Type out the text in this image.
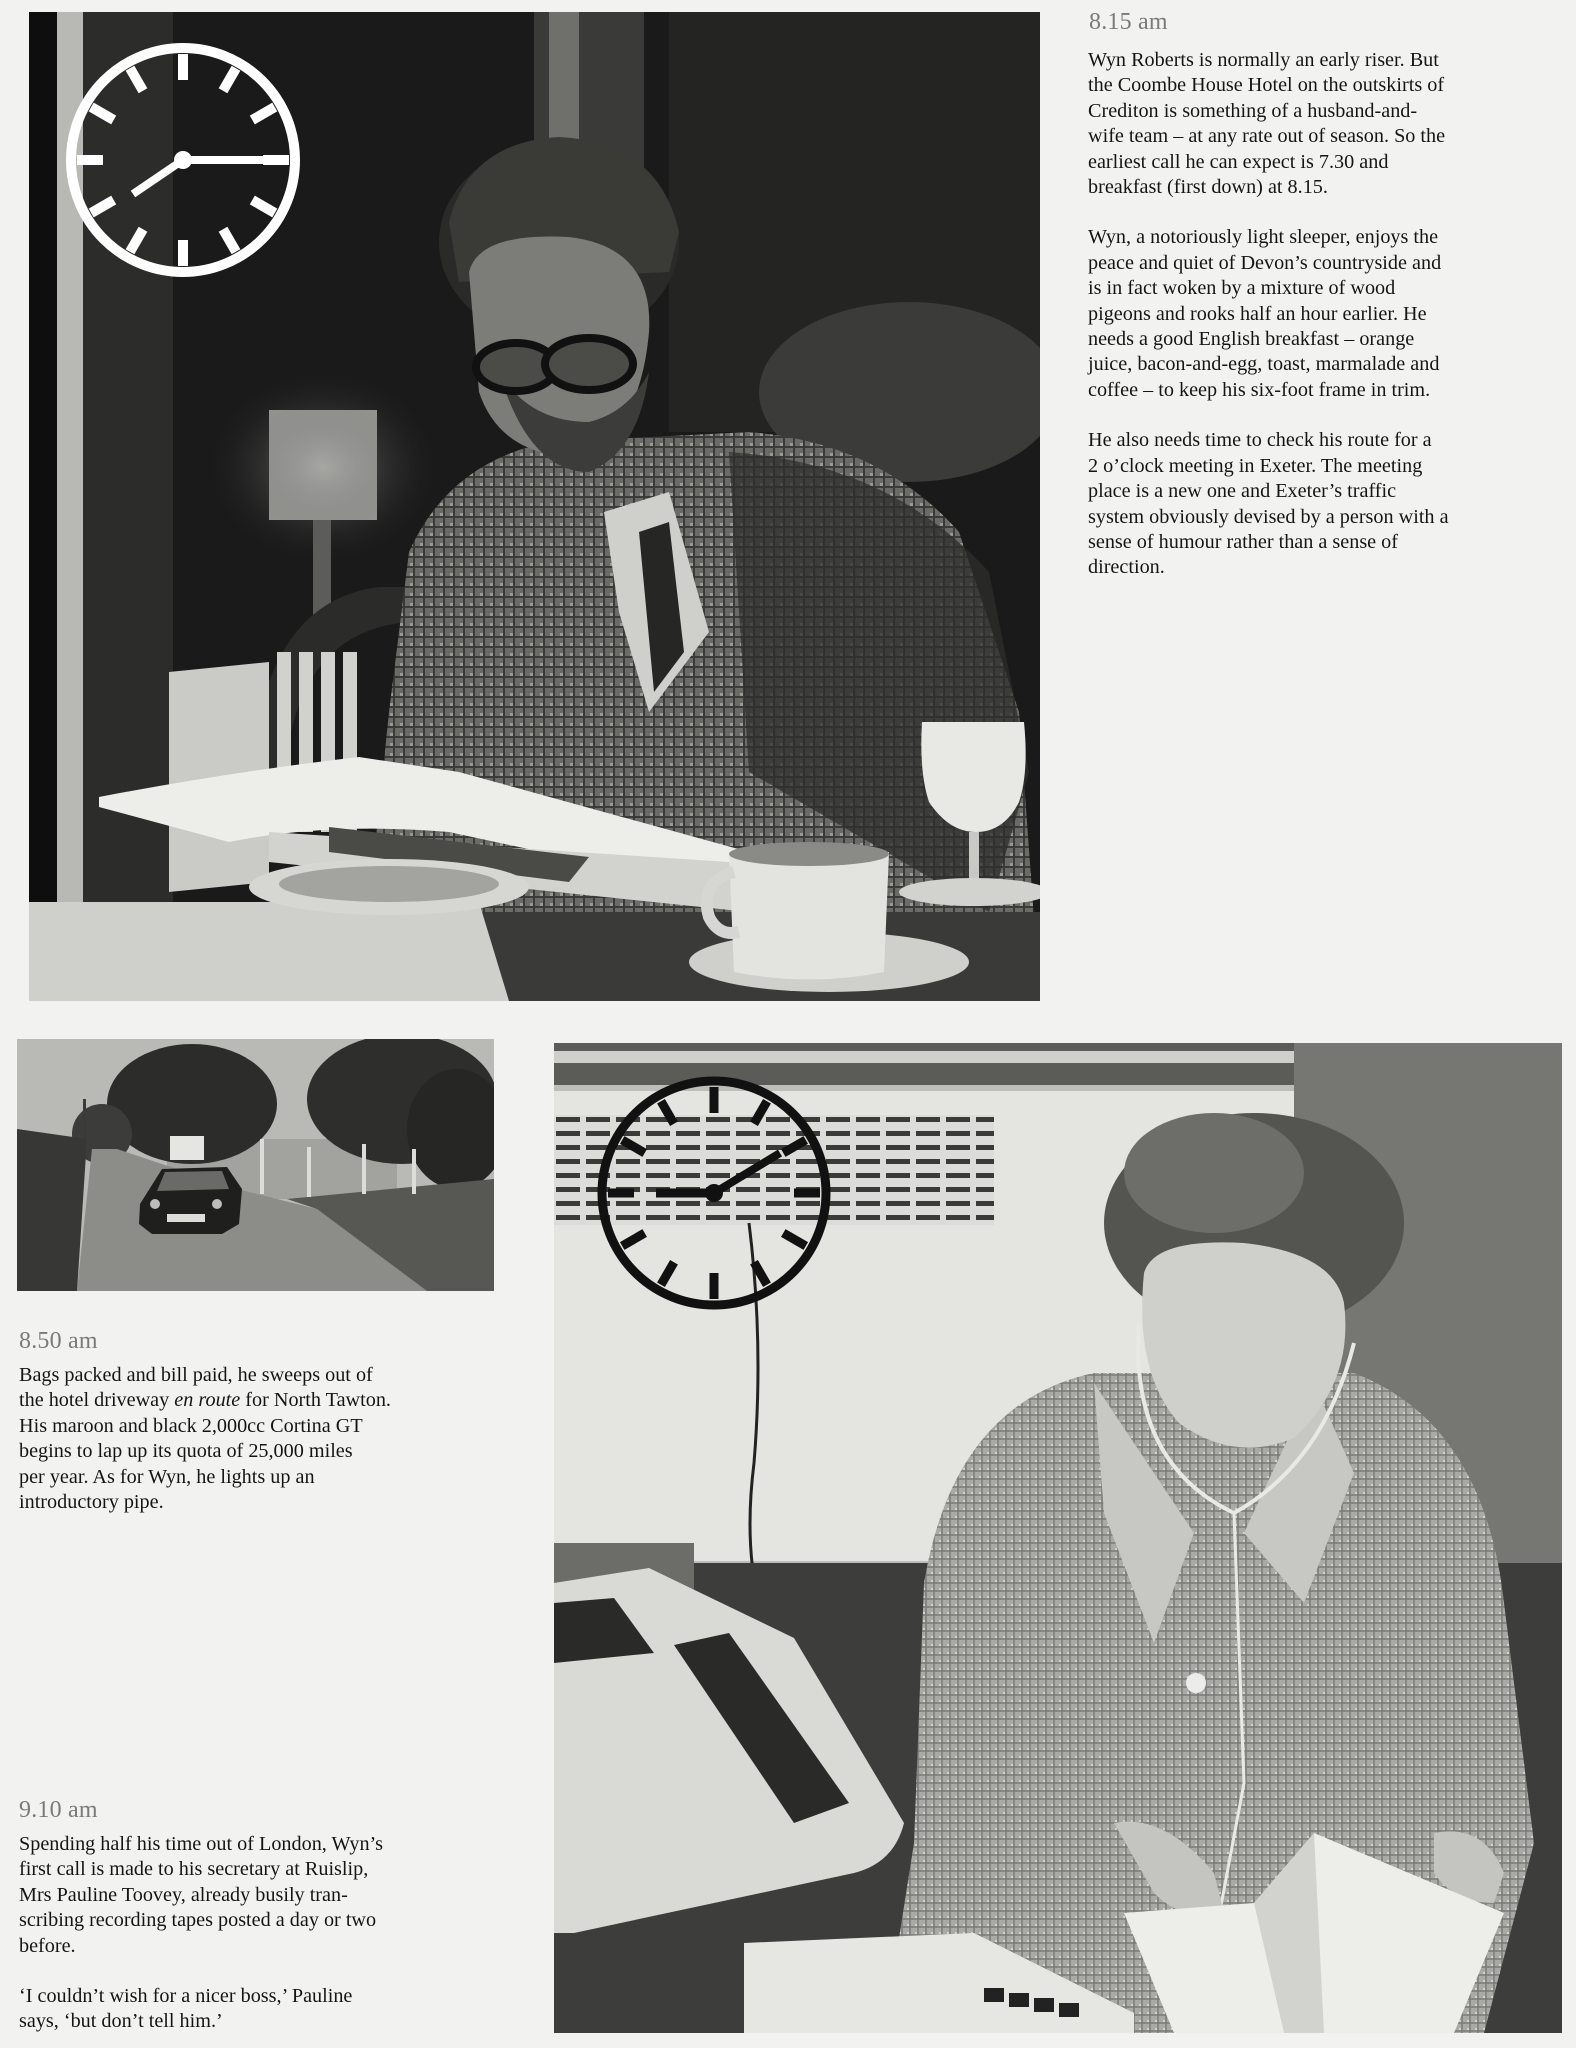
8.15 am

Wyn Roberts is normally an early riser. But
the Coombe House Hotel on the outskirts of
Crediton is something of a husband-and-
wife team – at any rate out of season. So the
earliest call he can expect is 7.30 and
breakfast (first down) at 8.15.

Wyn, a notoriously light sleeper, enjoys the
peace and quiet of Devon’s countryside and
is in fact woken by a mixture of wood
pigeons and rooks half an hour earlier. He
needs a good English breakfast – orange
juice, bacon-and-egg, toast, marmalade and
coffee – to keep his six-foot frame in trim.

He also needs time to check his route for a
2 o’clock meeting in Exeter. The meeting
place is a new one and Exeter’s traffic
system obviously devised by a person with a
sense of humour rather than a sense of
direction.

8.50 am

Bags packed and bill paid, he sweeps out of
the hotel driveway en route for North Tawton.
His maroon and black 2,000cc Cortina GT
begins to lap up its quota of 25,000 miles
per year. As for Wyn, he lights up an
introductory pipe.

9.10 am

Spending half his time out of London, Wyn’s
first call is made to his secretary at Ruislip,
Mrs Pauline Toovey, already busily tran-
scribing recording tapes posted a day or two
before.

‘I couldn’t wish for a nicer boss,’ Pauline
says, ‘but don’t tell him.’
